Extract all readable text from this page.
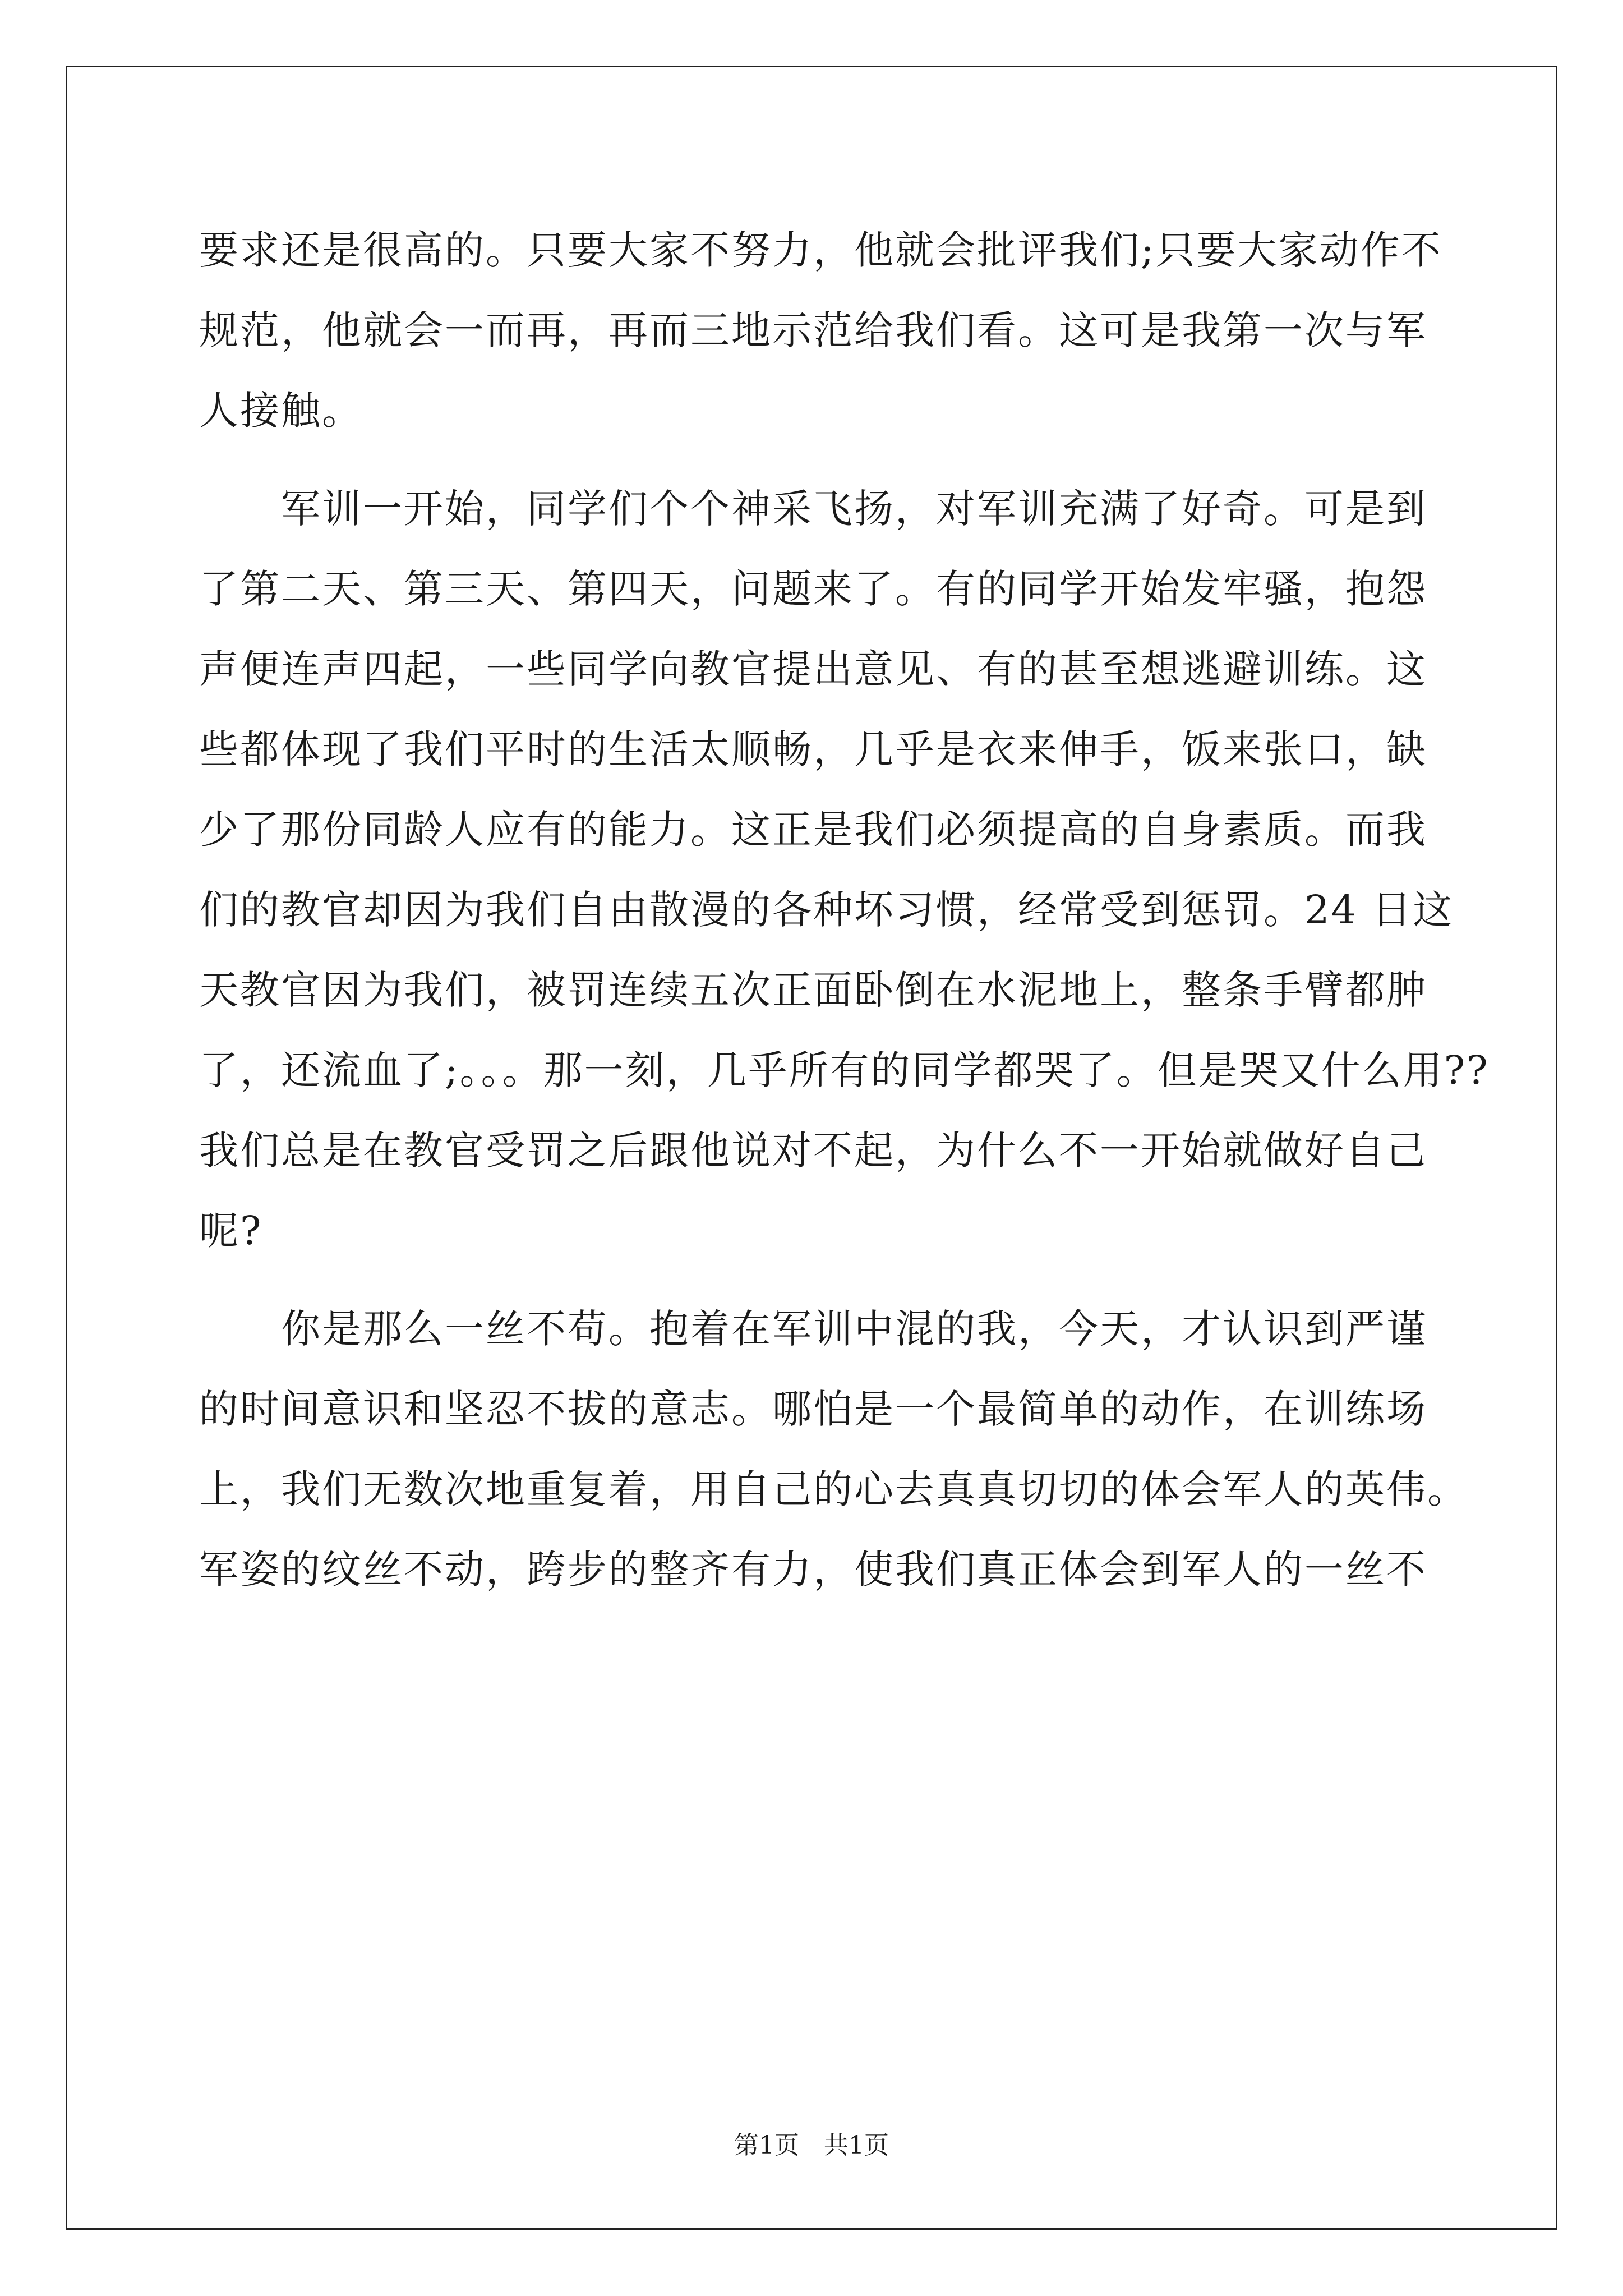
要求还是很高的。只要大家不努力，他就会批评我们;只要大家动作不
规范，他就会一而再，再而三地示范给我们看。这可是我第一次与军
人接触。
　　军训一开始，同学们个个神采飞扬，对军训充满了好奇。可是到
了第二天、第三天、第四天，问题来了。有的同学开始发牢骚，抱怨
声便连声四起，一些同学向教官提出意见、有的甚至想逃避训练。这
些都体现了我们平时的生活太顺畅，几乎是衣来伸手，饭来张口，缺
少了那份同龄人应有的能力。这正是我们必须提高的自身素质。而我
们的教官却因为我们自由散漫的各种坏习惯，经常受到惩罚。24 日这
天教官因为我们，被罚连续五次正面卧倒在水泥地上，整条手臂都肿
了，还流血了;。。。那一刻，几乎所有的同学都哭了。但是哭又什么用??
我们总是在教官受罚之后跟他说对不起，为什么不一开始就做好自己
呢?
　　你是那么一丝不苟。抱着在军训中混的我，今天，才认识到严谨
的时间意识和坚忍不拔的意志。哪怕是一个最简单的动作，在训练场
上，我们无数次地重复着，用自己的心去真真切切的体会军人的英伟。
军姿的纹丝不动，跨步的整齐有力，使我们真正体会到军人的一丝不
第1页　共1页
